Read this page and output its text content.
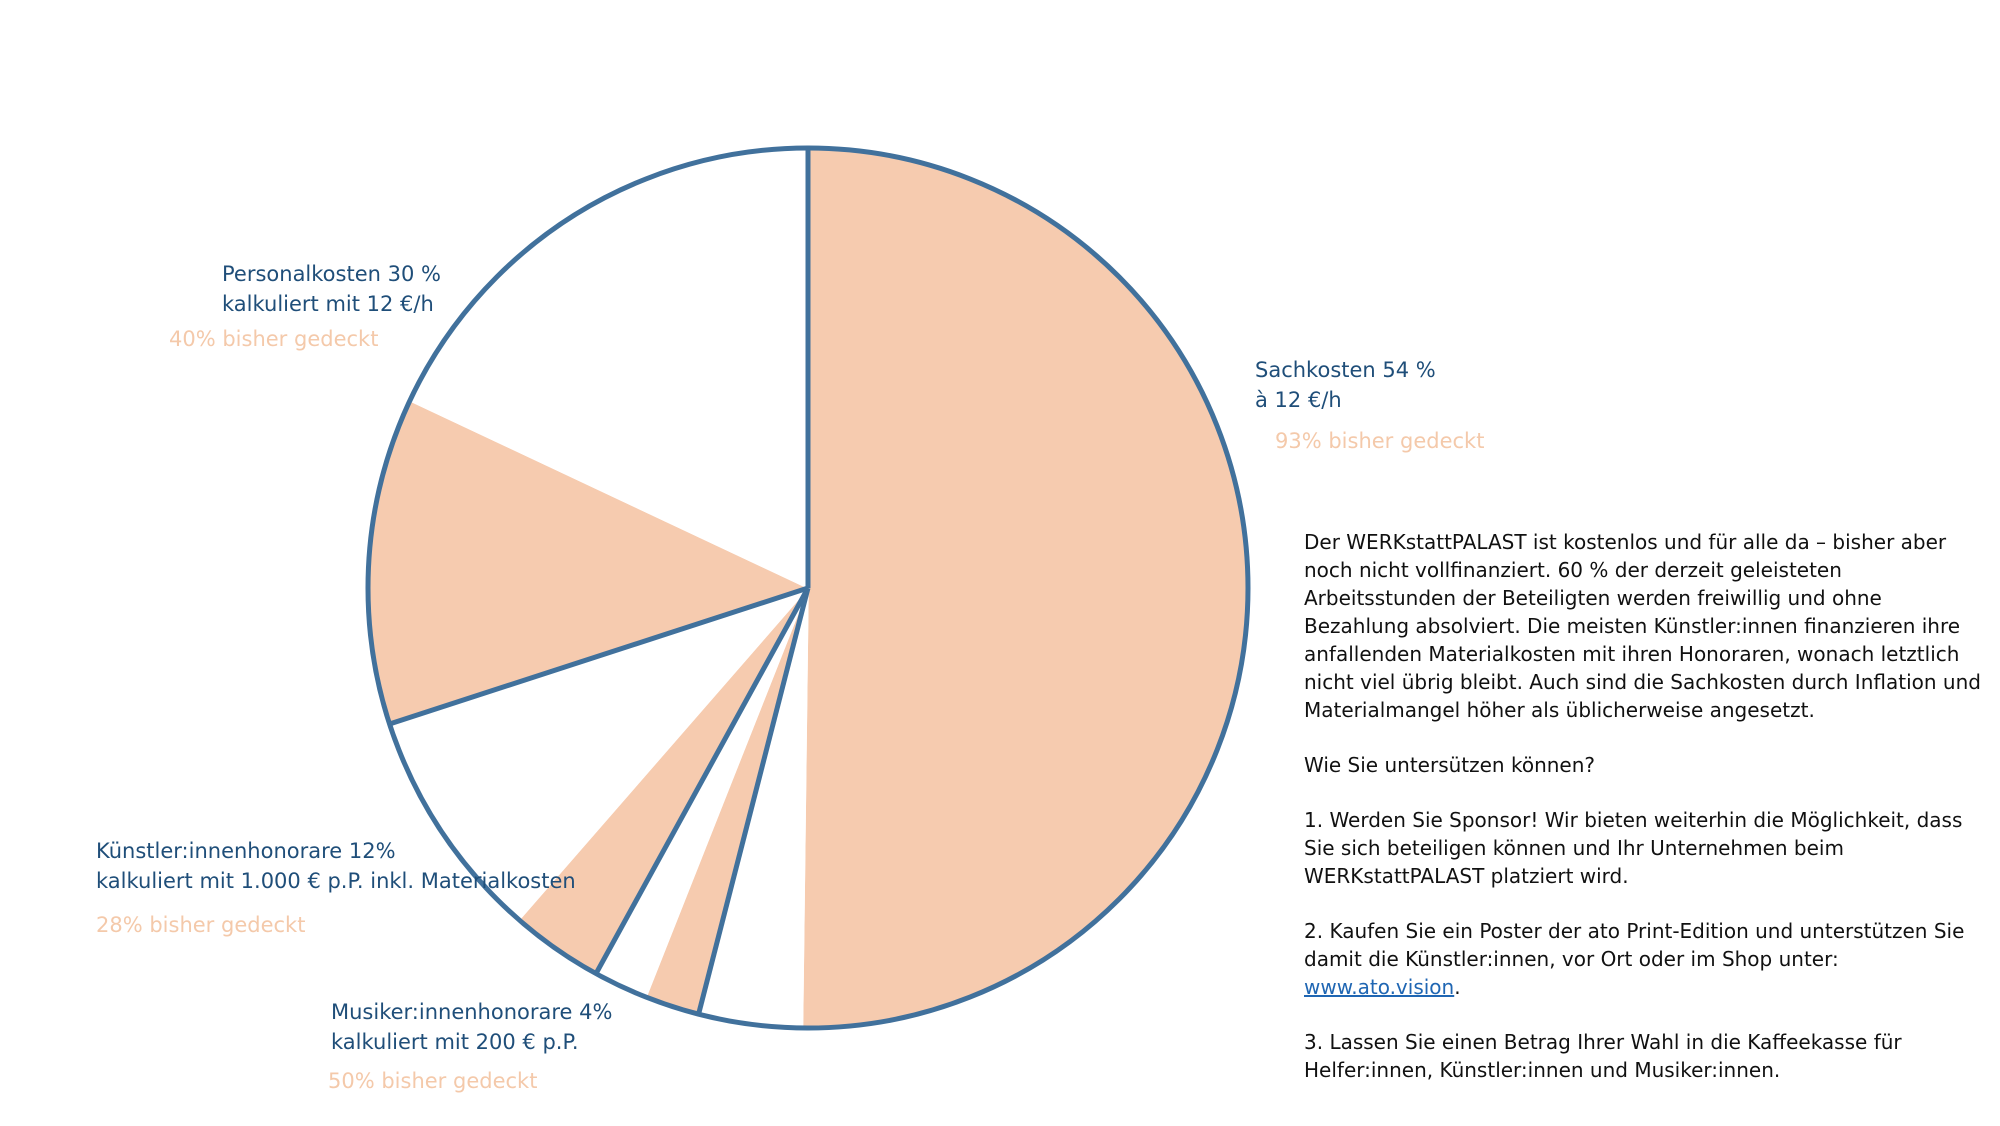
Sachkosten 54 %
à 12 €/h
93% bisher gedeckt
Personalkosten 30 %
kalkuliert mit 12 €/h
40% bisher gedeckt
Künstler:innenhonorare 12%
kalkuliert mit 1.000 € p.P. inkl. Materialkosten
28% bisher gedeckt
Musiker:innenhonorare 4%
kalkuliert mit 200 € p.P.
50% bisher gedeckt

Der WERKstattPALAST ist kostenlos und für alle da – bisher aber noch nicht vollfinanziert. 60 % der derzeit geleisteten Arbeitsstunden der Beteiligten werden freiwillig und ohne Bezahlung absolviert. Die meisten Künstler:innen finanzieren ihre anfallenden Materialkosten mit ihren Honoraren, wonach letztlich nicht viel übrig bleibt. Auch sind die Sachkosten durch Inflation und Materialmangel höher als üblicherweise angesetzt.

Wie Sie untersützen können?

1. Werden Sie Sponsor! Wir bieten weiterhin die Möglichkeit, dass Sie sich beteiligen können und Ihr Unternehmen beim WERKstattPALAST platziert wird.

2. Kaufen Sie ein Poster der ato Print-Edition und unterstützen Sie damit die Künstler:innen, vor Ort oder im Shop unter: www.ato.vision.

3. Lassen Sie einen Betrag Ihrer Wahl in die Kaffeekasse für Helfer:innen, Künstler:innen und Musiker:innen.
